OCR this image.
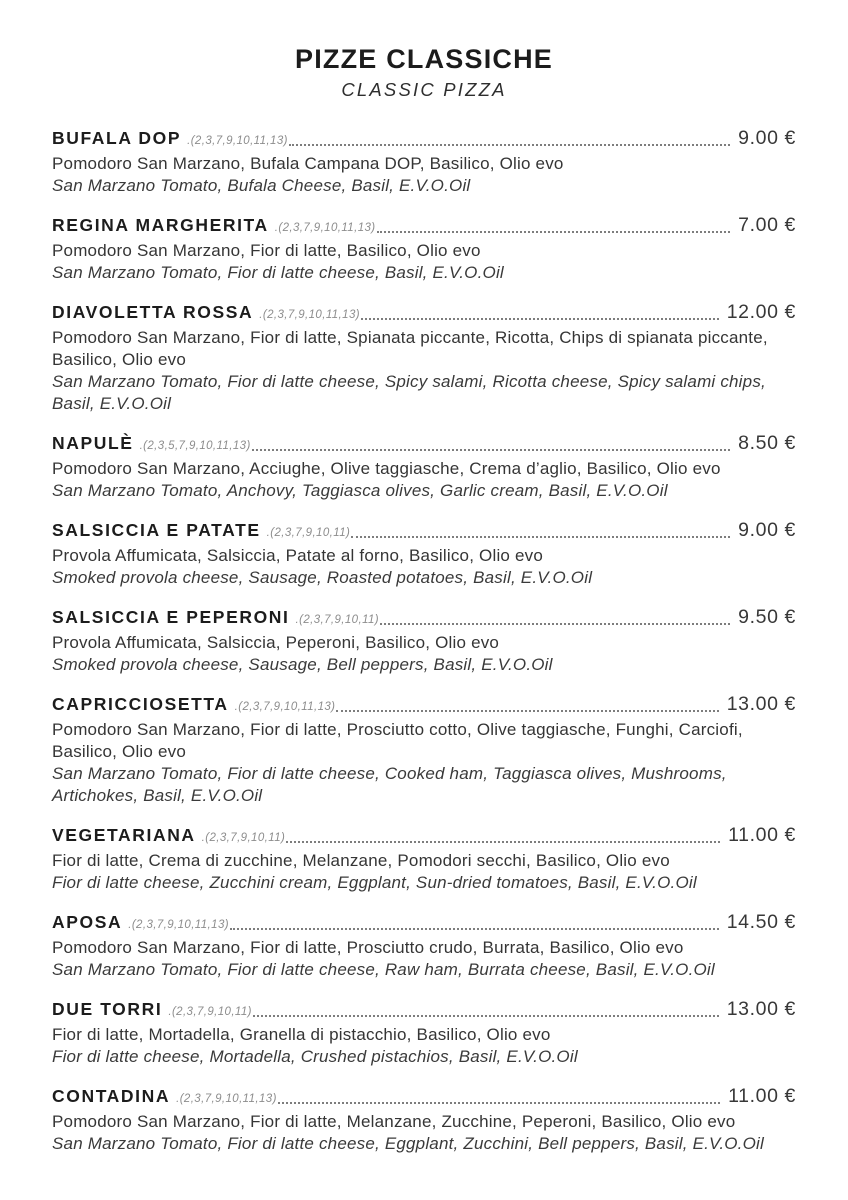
PIZZE CLASSICHE
CLASSIC PIZZA
BUFALA DOP .(2,3,7,9,10,11,13)	9.00 €
Pomodoro San Marzano, Bufala Campana DOP, Basilico, Olio evo
San Marzano Tomato, Bufala Cheese, Basil, E.V.O.Oil
REGINA MARGHERITA .(2,3,7,9,10,11,13)	7.00 €
Pomodoro San Marzano, Fior di latte, Basilico, Olio evo
San Marzano Tomato, Fior di latte cheese, Basil, E.V.O.Oil
DIAVOLETTA ROSSA .(2,3,7,9,10,11,13)	12.00 €
Pomodoro San Marzano, Fior di latte, Spianata piccante, Ricotta, Chips di spianata piccante, Basilico, Olio evo
San Marzano Tomato, Fior di latte cheese, Spicy salami, Ricotta cheese, Spicy salami chips, Basil, E.V.O.Oil
NAPULÈ .(2,3,5,7,9,10,11,13)	8.50 €
Pomodoro San Marzano, Acciughe, Olive taggiasche, Crema d’aglio, Basilico, Olio evo
San Marzano Tomato, Anchovy, Taggiasca olives, Garlic cream, Basil, E.V.O.Oil
SALSICCIA E PATATE .(2,3,7,9,10,11)	9.00 €
Provola Affumicata, Salsiccia, Patate al forno, Basilico, Olio evo
Smoked provola cheese, Sausage, Roasted potatoes, Basil, E.V.O.Oil
SALSICCIA E PEPERONI .(2,3,7,9,10,11)	9.50 €
Provola Affumicata, Salsiccia, Peperoni, Basilico, Olio evo
Smoked provola cheese, Sausage, Bell peppers, Basil, E.V.O.Oil
CAPRICCIOSETTA .(2,3,7,9,10,11,13)	13.00 €
Pomodoro San Marzano, Fior di latte, Prosciutto cotto, Olive taggiasche, Funghi, Carciofi, Basilico, Olio evo
San Marzano Tomato, Fior di latte cheese, Cooked ham, Taggiasca olives, Mushrooms, Artichokes, Basil, E.V.O.Oil
VEGETARIANA .(2,3,7,9,10,11)	11.00 €
Fior di latte, Crema di zucchine, Melanzane, Pomodori secchi, Basilico, Olio evo
Fior di latte cheese, Zucchini cream, Eggplant, Sun-dried tomatoes, Basil, E.V.O.Oil
APOSA .(2,3,7,9,10,11,13)	14.50 €
Pomodoro San Marzano, Fior di latte, Prosciutto crudo, Burrata, Basilico, Olio evo
San Marzano Tomato, Fior di latte cheese, Raw ham, Burrata cheese, Basil, E.V.O.Oil
DUE TORRI .(2,3,7,9,10,11)	13.00 €
Fior di latte, Mortadella, Granella di pistacchio, Basilico, Olio evo
Fior di latte cheese, Mortadella, Crushed pistachios, Basil, E.V.O.Oil
CONTADINA .(2,3,7,9,10,11,13)	11.00 €
Pomodoro San Marzano, Fior di latte, Melanzane, Zucchine, Peperoni, Basilico, Olio evo
San Marzano Tomato, Fior di latte cheese, Eggplant, Zucchini, Bell peppers, Basil, E.V.O.Oil
